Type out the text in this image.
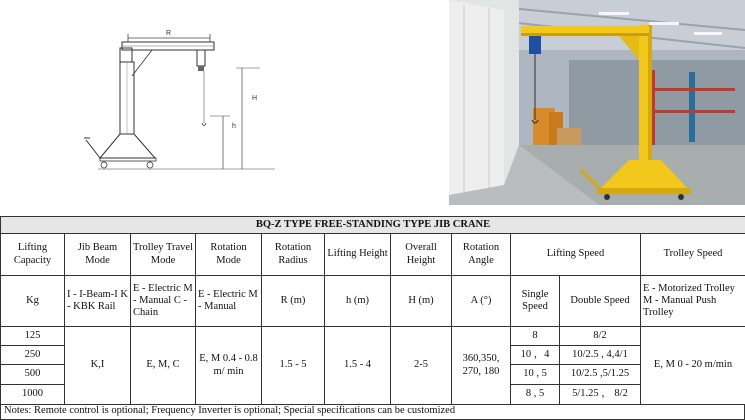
R
H
h
BQ-Z TYPE FREE-STANDING TYPE JIB CRANE										
Lifting Capacity	Jib Beam Mode	Trolley Travel Mode	Rotation Mode	Rotation Radius	Lifting Height	Overall Height	Rotation Angle	Lifting Speed		Trolley Speed
Kg	I - I-Beam-I K - KBK Rail	E - Electric M - Manual C - Chain	E - Electric M - Manual	R (m)	h (m)	H (m)	A (°)	Single Speed	Double Speed	E - Motorized Trolley M - Manual Push Trolley
125	K,I	E, M, C	E, M 0.4 - 0.8 m/ min	1.5 - 5	1.5 - 4	2-5	360,350, 270, 180	8	8/2	E, M 0 - 20 m/min
250								10 ，4	10/2.5 , 4,4/1	
500								10 , 5	10/2.5 ,5/1.25	
1000								8 , 5	5/1.25 ， 8/2	
Notes: Remote control is optional; Frequency Inverter is optional; Special specifications can be customized
